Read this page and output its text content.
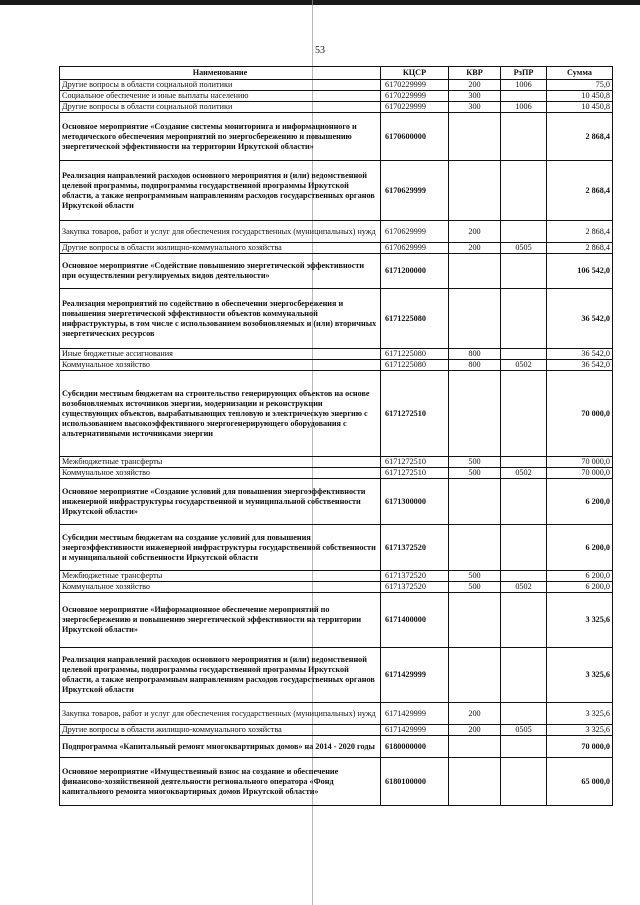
53
Наименование	КЦСР	КВР	РзПР	Сумма
Другие вопросы в области социальной политики	6170229999	200	1006	75,0
Социальное обеспечение и иные выплаты населению	6170229999	300		10 450,8
Другие вопросы в области социальной политики	6170229999	300	1006	10 450,8
Основное мероприятие «Создание системы мониторинга и информационного и методического обеспечения мероприятий по энергосбережению и повышению энергетической эффективности на территории Иркутской области»	6170600000			2 868,4
Реализация направлений расходов основного мероприятия и (или) ведомственной целевой программы, подпрограммы государственной программы Иркутской области, а также непрограммным направлениям расходов государственных органов Иркутской области	6170629999			2 868,4
Закупка товаров, работ и услуг для обеспечения государственных (муниципальных) нужд	6170629999	200		2 868,4
Другие вопросы в области жилищно-коммунального хозяйства	6170629999	200	0505	2 868,4
Основное мероприятие «Содействие повышению энергетической эффективности при осуществлении регулируемых видов деятельности»	6171200000			106 542,0
Реализация мероприятий по содействию в обеспечении энергосбережения и повышения энергетической эффективности объектов коммунальной инфраструктуры, в том числе с использованием возобновляемых и (или) вторичных энергетических ресурсов	6171225080			36 542,0
Иные бюджетные ассигнования	6171225080	800		36 542,0
Коммунальное хозяйство	6171225080	800	0502	36 542,0
Субсидии местным бюджетам на строительство генерирующих объектов на основе возобновляемых источников энергии, модернизации и реконструкции существующих объектов, вырабатывающих тепловую и электрическую энергию с использованием высокоэффективного энергогенерирующего оборудования с альтернативными источниками энергии	6171272510			70 000,0
Межбюджетные трансферты	6171272510	500		70 000,0
Коммунальное хозяйство	6171272510	500	0502	70 000,0
Основное мероприятие «Создание условий для повышения энергоэффективности инженерной инфраструктуры государственной и муниципальной собственности Иркутской области»	6171300000			6 200,0
Субсидии местным бюджетам на создание условий для повышения энергоэффективности инженерной инфраструктуры государственной собственности и муниципальной собственности Иркутской области	6171372520			6 200,0
Межбюджетные трансферты	6171372520	500		6 200,0
Коммунальное хозяйство	6171372520	500	0502	6 200,0
Основное мероприятие «Информационное обеспечение мероприятий по энергосбережению и повышению энергетической эффективности на территории Иркутской области»	6171400000			3 325,6
Реализация направлений расходов основного мероприятия и (или) ведомственной целевой программы, подпрограммы государственной программы Иркутской области, а также непрограммным направлениям расходов государственных органов Иркутской области	6171429999			3 325,6
Закупка товаров, работ и услуг для обеспечения государственных (муниципальных) нужд	6171429999	200		3 325,6
Другие вопросы в области жилищно-коммунального хозяйства	6171429999	200	0505	3 325,6
Подпрограмма «Капитальный ремонт многоквартирных домов» на 2014 - 2020 годы	6180000000			70 000,0
Основное мероприятие «Имущественный взнос на создание и обеспечение финансово-хозяйственной деятельности регионального оператора «Фонд капитального ремонта многоквартирных домов Иркутской области»	6180100000			65 000,0
